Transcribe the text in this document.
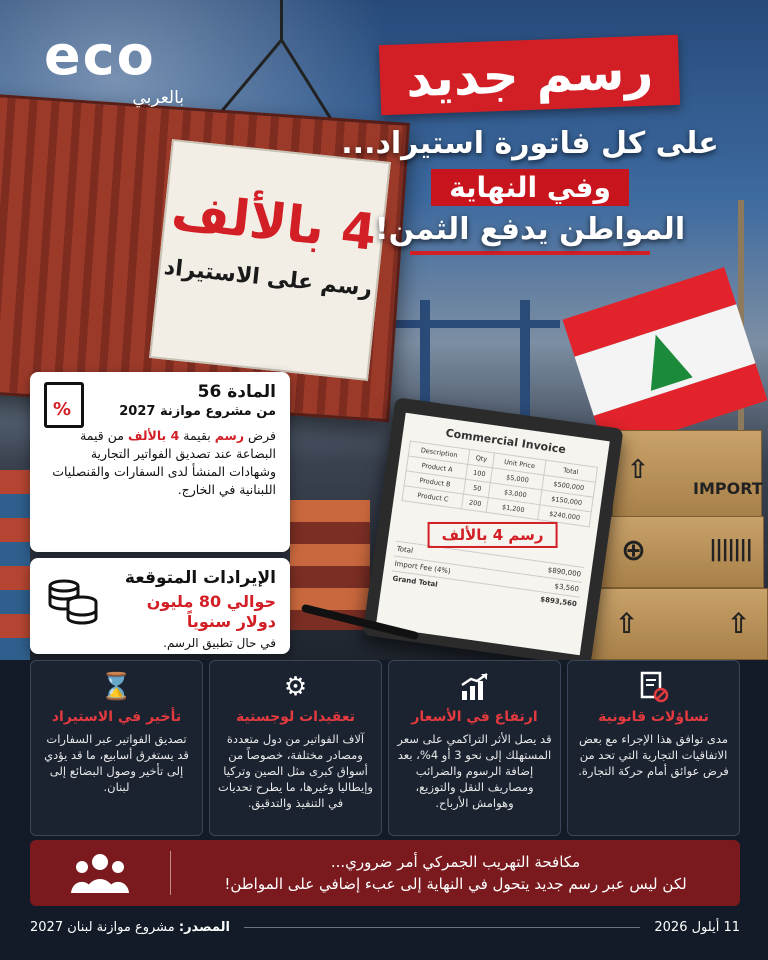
4 بالألف
رسم على الاستيراد
IMPORT
⇧
⊕	|||||||
⇧	⇧
Commercial Invoice
Description	Qty	Unit Price	Total
Product A	100	$5,000	$500,000
Product B	50	$3,000	$150,000
Product C	200	$1,200	$240,000
رسم 4 بالألف
Total
$890,000
Import Fee (4%)
$3,560
Grand Total
$893,560
eco
بالعربي	رسم جديد
على كل فاتورة استيراد...
وفي النهاية
المواطن يدفع الثمن!
%
المادة 56
من مشروع موازنة 2027
فرض رسم بقيمة 4 بالألف من قيمة البضاعة عند تصديق الفواتير التجارية وشهادات المنشأ لدى السفارات والقنصليات اللبنانية في الخارج.
الإيرادات المتوقعة
حوالي 80 مليون دولار سنوياً
في حال تطبيق الرسم.
تساؤلات قانونية
مدى توافق هذا الإجراء مع بعض الاتفاقيات التجارية التي تحد من فرض عوائق أمام حركة التجارة.
ارتفاع في الأسعار
قد يصل الأثر التراكمي على سعر المستهلك إلى نحو 3 أو 4%، بعد إضافة الرسوم والضرائب ومصاريف النقل والتوزيع، وهوامش الأرباح.
⚙
تعقيدات لوجستية
آلاف الفواتير من دول متعددة ومصادر مختلفة، خصوصاً من أسواق كبرى مثل الصين وتركيا وإيطاليا وغيرها، ما يطرح تحديات في التنفيذ والتدقيق.
⌛
تأخير في الاستيراد
تصديق الفواتير عبر السفارات قد يستغرق أسابيع، ما قد يؤدي إلى تأخير وصول البضائع إلى لبنان.
مكافحة التهريب الجمركي أمر ضروري...
لكن ليس عبر رسم جديد يتحول في النهاية إلى عبء إضافي على المواطن!
11 أيلول 2026
المصدر: مشروع موازنة لبنان 2027
